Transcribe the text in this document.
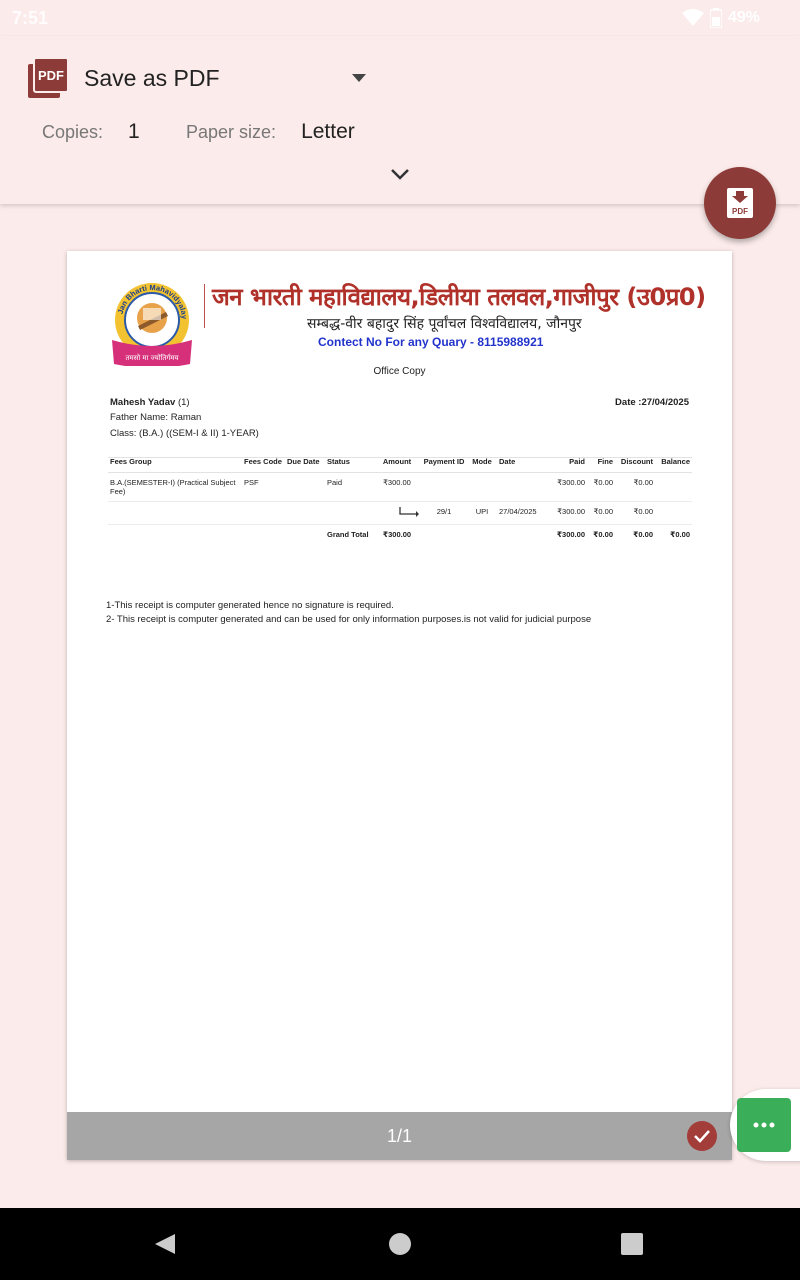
7:51	49%
PDF Save as PDF
Copies: 1	Paper size: Letter
PDF
तमसो मा ज्योतिर्गमय
Jan Bharti Mahavidyalay
जन भारती महाविद्यालय,डिलीया तलवल,गाजीपुर (उ0प्र0)
सम्बद्ध-वीर बहादुर सिंह पूर्वांचल विश्वविद्यालय, जौनपुर
Contect No For any Quary - 8115988921
Office Copy
Mahesh Yadav (1)
Father Name: Raman
Class: (B.A.) ((SEM-I & II) 1-YEAR)
Date :27/04/2025
Fees Group	Fees Code	Due Date	Status	Amount	Payment ID	Mode	Date	Paid	Fine	Discount	Balance
B.A.(SEMESTER-I) (Practical Subject Fee)	PSF		Paid	₹300.00				₹300.00	₹0.00	₹0.00	
					29/1	UPI	27/04/2025	₹300.00	₹0.00	₹0.00	
			Grand Total	₹300.00				₹300.00	₹0.00	₹0.00	₹0.00
1-This receipt is computer generated hence no signature is required.
2- This receipt is computer generated and can be used for only information purposes.is not valid for judicial purpose
1/1
